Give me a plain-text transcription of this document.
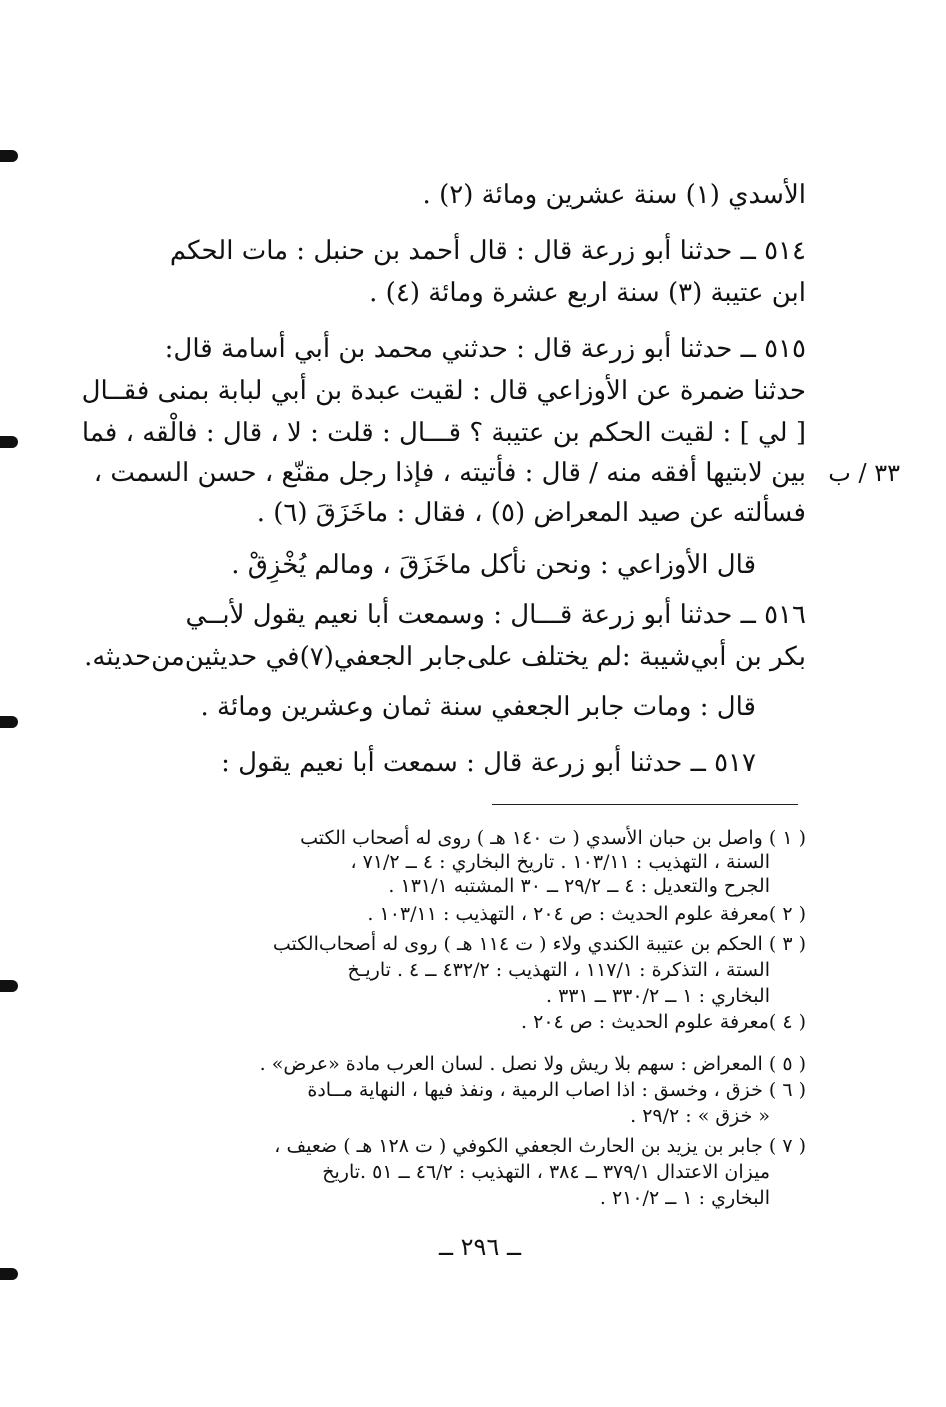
الأسدي (١) سنة عشرين ومائة (٢) .
٥١٤ ــ حدثنا أبو زرعة قال : قال أحمد بن حنبل : مات الحكم
ابن عتيبة (٣) سنة اربع عشرة ومائة (٤) .
٥١٥ ــ حدثنا أبو زرعة قال : حدثني محمد بن أبي أسامة قال:
حدثنا ضمرة عن الأوزاعي قال : لقيت عبدة بن أبي لبابة بمنى فقــال
[ لي ] : لقيت الحكم بن عتيبة ؟ قـــال : قلت : لا ، قال : فالْقه ، فما
بين لابتيها أفقه منه / قال : فأتيته ، فإذا رجل مقنّع ، حسن السمت ، ٣٣ / ب
فسألته عن صيد المعراض (٥) ، فقال : ماخَزَقَ (٦) .
قال الأوزاعي : ونحن نأكل ماخَزَقَ ، ومالم يُخْزِقْ .
٥١٦ ــ حدثنا أبو زرعة قـــال : وسمعت أبا نعيم يقول لأبــي
بكر بن أبي‌شيبة :لم يختلف على‌جابر الجعفي(٧)في حديثين‌من‌حديثه.
قال : ومات جابر الجعفي سنة ثمان وعشرين ومائة .
٥١٧ ــ حدثنا أبو زرعة قال : سمعت أبا نعيم يقول :
( ١ ) واصل بن حبان الأسدي ( ت ١٤٠ هـ ) روى له أصحاب الكتب
السنة ، التهذيب : ١٠٣/١١ . تاريخ البخاري : ٤ ــ ٧١/٢ ،
الجرح والتعديل : ٤ ــ ٢٩/٢ ــ ٣٠ المشتبه ١٣١/١ .
( ٢ )معرفة علوم الحديث : ص ٢٠٤ ، التهذيب : ١٠٣/١١ .
( ٣ ) الحكم بن عتيبة الكندي ولاء ( ت ١١٤ هـ ) روى له أصحاب‌الكتب
الستة ، التذكرة : ١١٧/١ ، التهذيب : ٤٣٢/٢ ــ ٤ . تاريـخ
البخاري : ١ ــ ٣٣٠/٢ ــ ٣٣١ .
( ٤ )معرفة علوم الحديث : ص ٢٠٤ .
( ٥ ) المعراض : سهم بلا ريش ولا نصل . لسان العرب مادة «عرض» .
( ٦ ) خزق ، وخسق : اذا اصاب الرمية ، ونفذ فيها ، النهاية مــادة
« خزق » : ٢٩/٢ .
( ٧ ) جابر بن يزيد بن الحارث الجعفي الكوفي ( ت ١٢٨ هـ ) ضعيف ،
ميزان الاعتدال ٣٧٩/١ ــ ٣٨٤ ، التهذيب : ٤٦/٢ ــ ٥١ .تاريخ
البخاري : ١ ــ ٢١٠/٢ .
ــ ٢٩٦ ــ
